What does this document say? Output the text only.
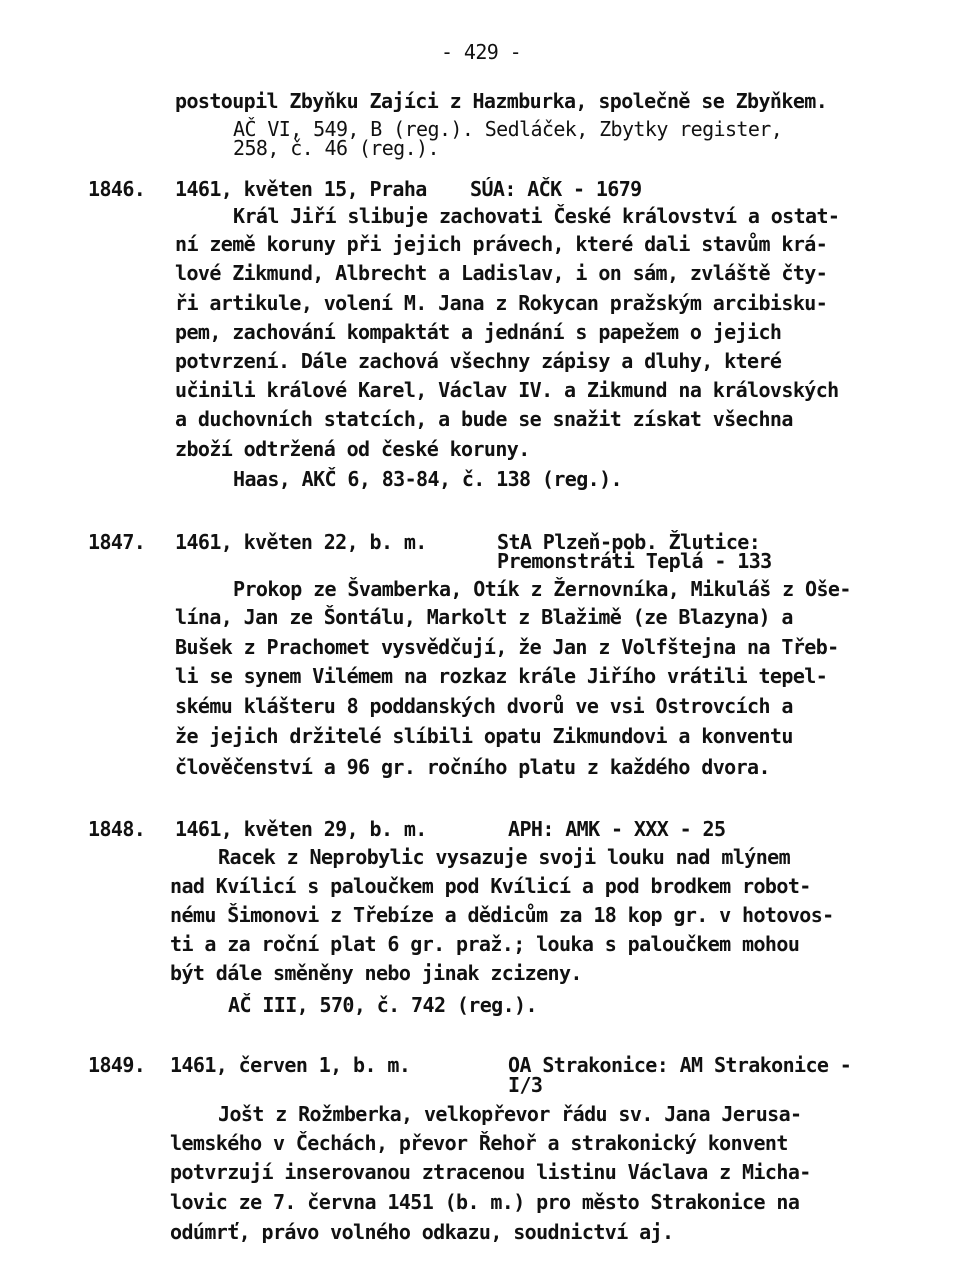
- 429 -
postoupil Zbyňku Zajíci z Hazmburka, společně se Zbyňkem.
AČ VI, 549, B (reg.). Sedláček, Zbytky register,
258, č. 46 (reg.).
1846. 1461, květen 15, Praha SÚA: AČK - 1679
Král Jiří slibuje zachovati České království a ostat-
ní země koruny při jejich právech, které dali stavům krá-
lové Zikmund, Albrecht a Ladislav, i on sám, zvláště čty-
ři artikule, volení M. Jana z Rokycan pražským arcibisku-
pem, zachování kompaktát a jednání s papežem o jejich
potvrzení. Dále zachová všechny zápisy a dluhy, které
učinili králové Karel, Václav IV. a Zikmund na královských
a duchovních statcích, a bude se snažit získat všechna
zboží odtržená od české koruny.
Haas, AKČ 6, 83-84, č. 138 (reg.).
1847. 1461, květen 22, b. m.	StA Plzeň-pob. Žlutice:
Premonstráti Teplá - 133
Prokop ze Švamberka, Otík z Žernovníka, Mikuláš z Oše-
lína, Jan ze Šontálu, Markolt z Blažimě (ze Blazyna) a
Bušek z Prachomet vysvědčují, že Jan z Volfštejna na Třeb-
li se synem Vilémem na rozkaz krále Jiřího vrátili tepel-
skému klášteru 8 poddanských dvorů ve vsi Ostrovcích a
že jejich držitelé slíbili opatu Zikmundovi a konventu
člověčenství a 96 gr. ročního platu z každého dvora.
1848. 1461, květen 29, b. m.	APH: AMK - XXX - 25
Racek z Neprobylic vysazuje svoji louku nad mlýnem
nad Kvílicí s paloučkem pod Kvílicí a pod brodkem robot-
nému Šimonovi z Třebíze a dědicům za 18 kop gr. v hotovos-
ti a za roční plat 6 gr. praž.; louka s paloučkem mohou
být dále směněny nebo jinak zcizeny.
AČ III, 570, č. 742 (reg.).
1849. 1461, červen 1, b. m.	OA Strakonice: AM Strakonice -
I/3
Jošt z Rožmberka, velkopřevor řádu sv. Jana Jerusa-
lemského v Čechách, převor Řehoř a strakonický konvent
potvrzují inserovanou ztracenou listinu Václava z Micha-
lovic ze 7. června 1451 (b. m.) pro město Strakonice na
odúmrť, právo volného odkazu, soudnictví aj.
